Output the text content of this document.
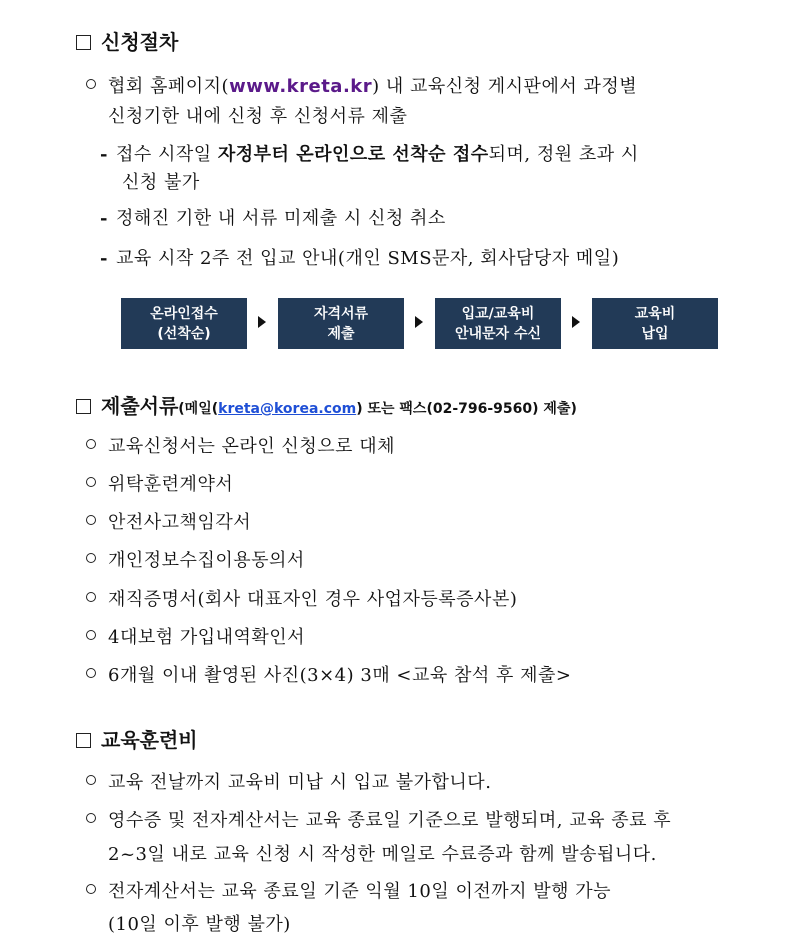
신청절차
협회 홈페이지(www.kreta.kr) 내 교육신청 게시판에서 과정별
신청기한 내에 신청 후 신청서류 제출
- 접수 시작일 자정부터 온라인으로 선착순 접수되며, 정원 초과 시
신청 불가
- 정해진 기한 내 서류 미제출 시 신청 취소
- 교육 시작 2주 전 입교 안내(개인 SMS문자, 회사담당자 메일)
온라인접수
(선착순)
자격서류
제출
입교/교육비
안내문자 수신
교육비
납입
제출서류(메일(kreta@korea.com) 또는 팩스(02-796-9560) 제출)
교육신청서는 온라인 신청으로 대체
위탁훈련계약서
안전사고책임각서
개인정보수집이용동의서
재직증명서(회사 대표자인 경우 사업자등록증사본)
4대보험 가입내역확인서
6개월 이내 촬영된 사진(3×4) 3매 <교육 참석 후 제출>
교육훈련비
교육 전날까지 교육비 미납 시 입교 불가합니다.
영수증 및 전자계산서는 교육 종료일 기준으로 발행되며, 교육 종료 후
2~3일 내로 교육 신청 시 작성한 메일로 수료증과 함께 발송됩니다.
전자계산서는 교육 종료일 기준 익월 10일 이전까지 발행 가능
(10일 이후 발행 불가)
